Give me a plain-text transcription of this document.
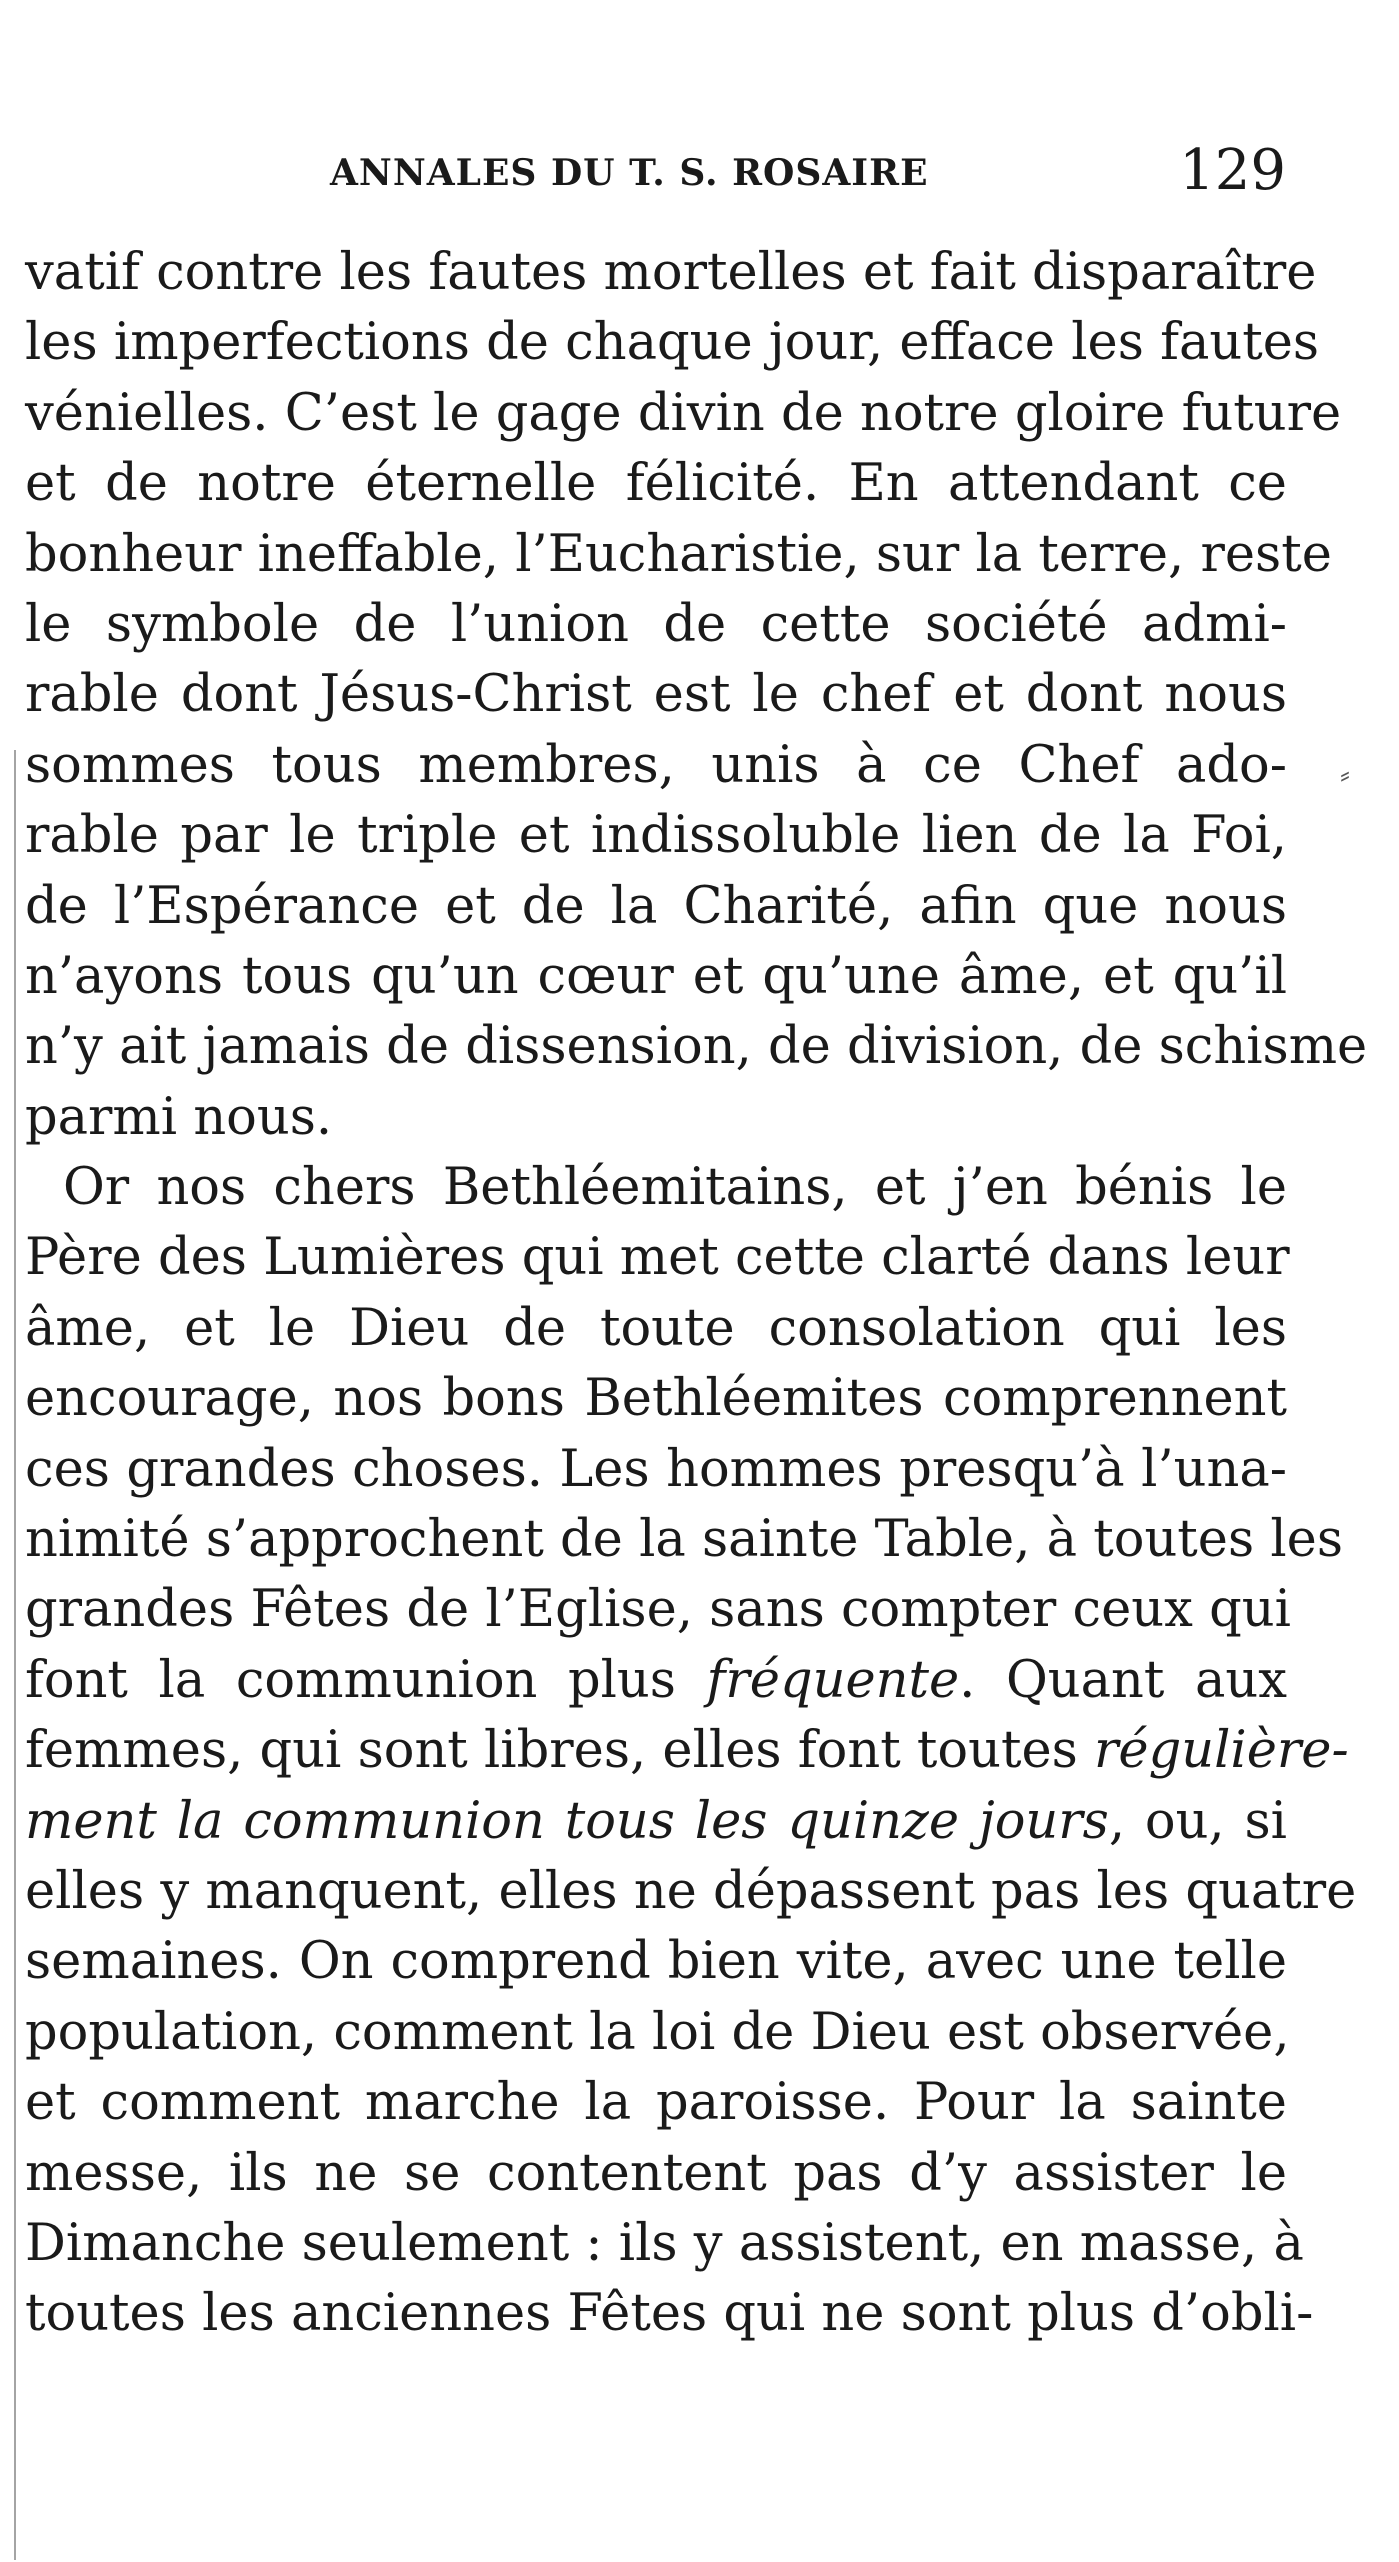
ANNALES DU T. S. ROSAIRE	129
⸗
vatif contre les fautes mortelles et fait disparaître
les imperfections de chaque jour, efface les fautes
vénielles. C’est le gage divin de notre gloire future
et de notre éternelle félicité. En attendant ce
bonheur ineffable, l’Eucharistie, sur la terre, reste
le symbole de l’union de cette société admi-
rable dont Jésus-Christ est le chef et dont nous
sommes tous membres, unis à ce Chef ado-
rable par le triple et indissoluble lien de la Foi,
de l’Espérance et de la Charité, afin que nous
n’ayons tous qu’un cœur et qu’une âme, et qu’il
n’y ait jamais de dissension, de division, de schisme
parmi nous.
Or nos chers Bethléemitains, et j’en bénis le
Père des Lumières qui met cette clarté dans leur
âme, et le Dieu de toute consolation qui les
encourage, nos bons Bethléemites comprennent
ces grandes choses. Les hommes presqu’à l’una-
nimité s’approchent de la sainte Table, à toutes les
grandes Fêtes de l’Eglise, sans compter ceux qui
font la communion plus fréquente. Quant aux
femmes, qui sont libres, elles font toutes régulière-
ment la communion tous les quinze jours, ou, si
elles y manquent, elles ne dépassent pas les quatre
semaines. On comprend bien vite, avec une telle
population, comment la loi de Dieu est observée,
et comment marche la paroisse. Pour la sainte
messe, ils ne se contentent pas d’y assister le
Dimanche seulement : ils y assistent, en masse, à
toutes les anciennes Fêtes qui ne sont plus d’obli-
